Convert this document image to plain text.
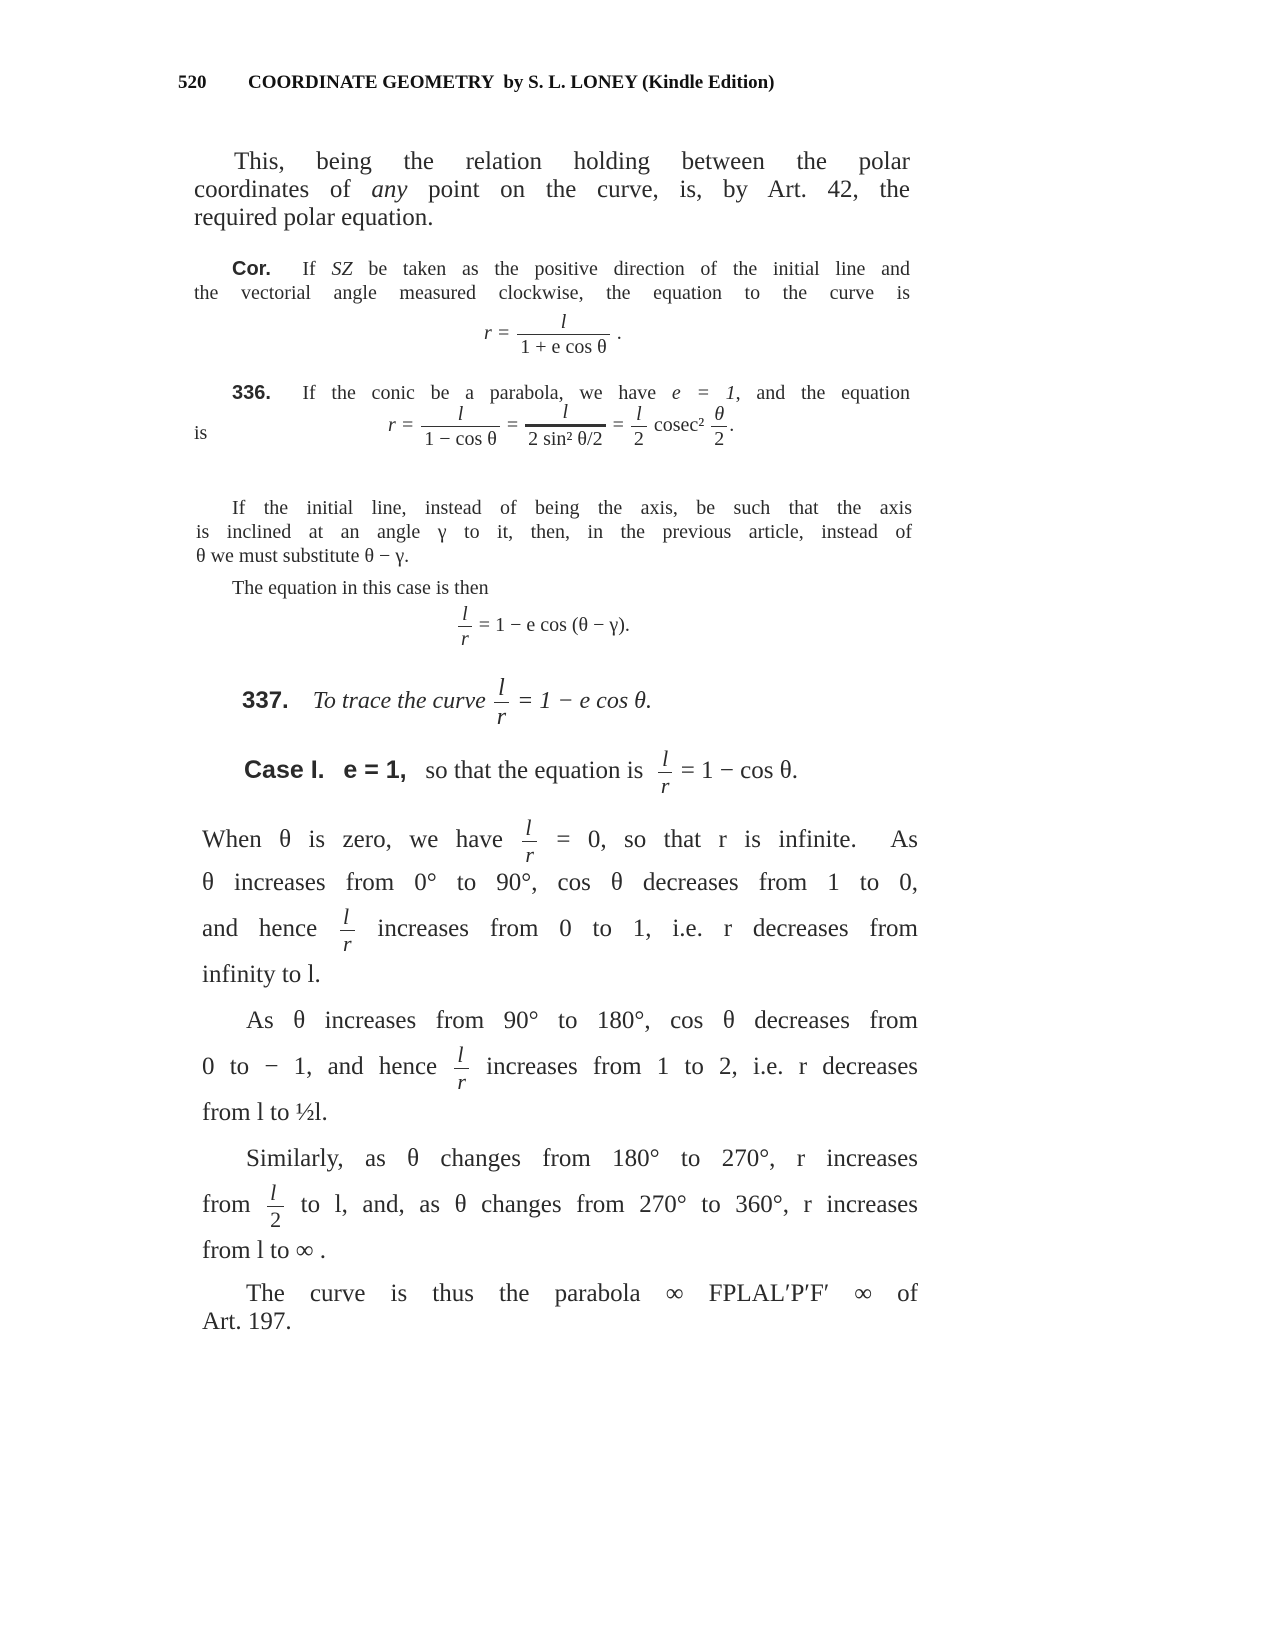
520 COORDINATE GEOMETRY  by S. L. LONEY (Kindle Edition)
This, being the relation holding between the polar
coordinates of any point on the curve, is, by Art. 42, the
required polar equation.
Cor. If SZ be taken as the positive direction of the initial line and
the vectorial angle measured clockwise, the equation to the curve is
$r = \frac{l}{\text{1 + e cos θ}}$ .
336. If the conic be a parabola, we have e = 1, and the equation
is	$r = \frac{l}{\text{1 − cos θ}} = \frac{l}{\text{2 sin² θ/2}} = \frac{l}{2} cosec^2 \frac{\theta}{2}$ .
If the initial line, instead of being the axis, be such that the axis
is inclined at an angle γ to it, then, in the previous article, instead of
θ we must substitute θ − γ.
The equation in this case is then
$\frac{l}{r} = 1 - e$ cos (θ − γ).
337. To trace the curve $\frac{l}{r} = 1 - e$ cos θ.
Case I. e = 1, so that the equation is $\frac{l}{r} = 1 - \cos \theta$.
When θ is zero, we have $\frac{l}{r} = 0$, so that r is infinite.  As
θ increases from 0° to 90°, cos θ decreases from 1 to 0,
and hence $\frac{l}{r}$ increases from 0 to 1, i.e. r decreases from
infinity to l.
As θ increases from 90° to 180°, cos θ decreases from
0 to − 1, and hence $\frac{l}{r}$ increases from 1 to 2, i.e. r decreases
from l to ½l.
Similarly, as θ changes from 180° to 270°, r increases
from $\frac{l}{2}$ to l, and, as θ changes from 270° to 360°, r increases
from l to ∞ .
The curve is thus the parabola ∞ FPLAL′P′F′ ∞ of
Art. 197.
